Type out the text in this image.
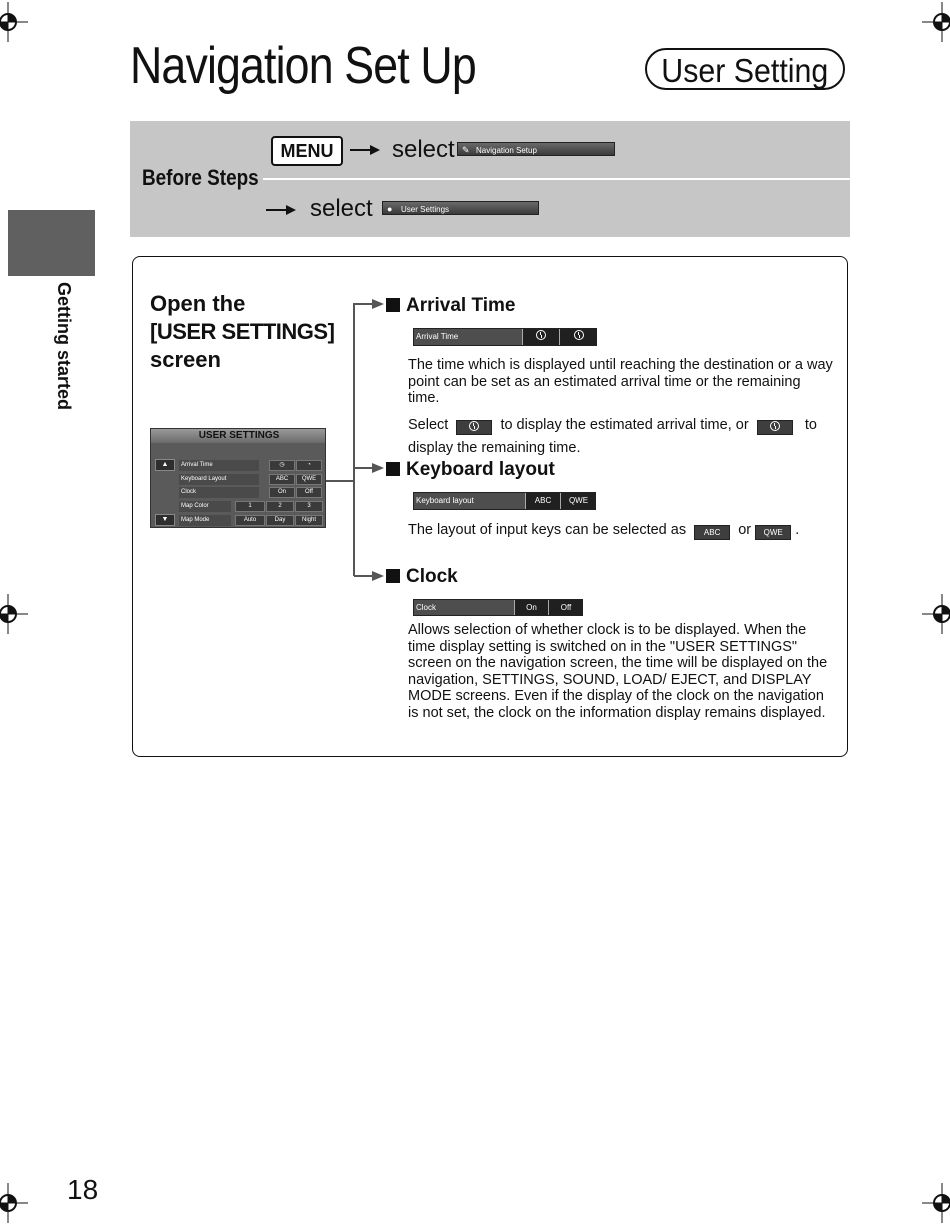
Navigation Set Up	User Setting
Getting started
Before Steps
MENU	select ✎ Navigation Setup
select	● User Settings
Open the
[USER SETTINGS]
screen
USER SETTINGS
▲
▼
Arrival Time	◷	◔
Keyboard Layout	ABC	QWE
Clock	On	Off
Map Color	1	2	3
Map Mode	Auto	Day	Night
Arrival Time
Arrival Time
The time which is displayed until reaching the destination or a way point can be set as an estimated arrival time or the remaining time.
Select	to display the estimated arrival time, or	to
display the remaining time.
Keyboard layout
Keyboard layout	ABC	QWE
The layout of input keys can be selected as ABC or QWE .
Clock
Clock	On	Off
Allows selection of whether clock is to be displayed. When the time display setting is switched on in the "USER SETTINGS" screen on the navigation screen, the time will be displayed on the navigation, SETTINGS, SOUND, LOAD/ EJECT, and DISPLAY MODE screens. Even if the display of the clock on the navigation is not set, the clock on the information display remains displayed.
18
